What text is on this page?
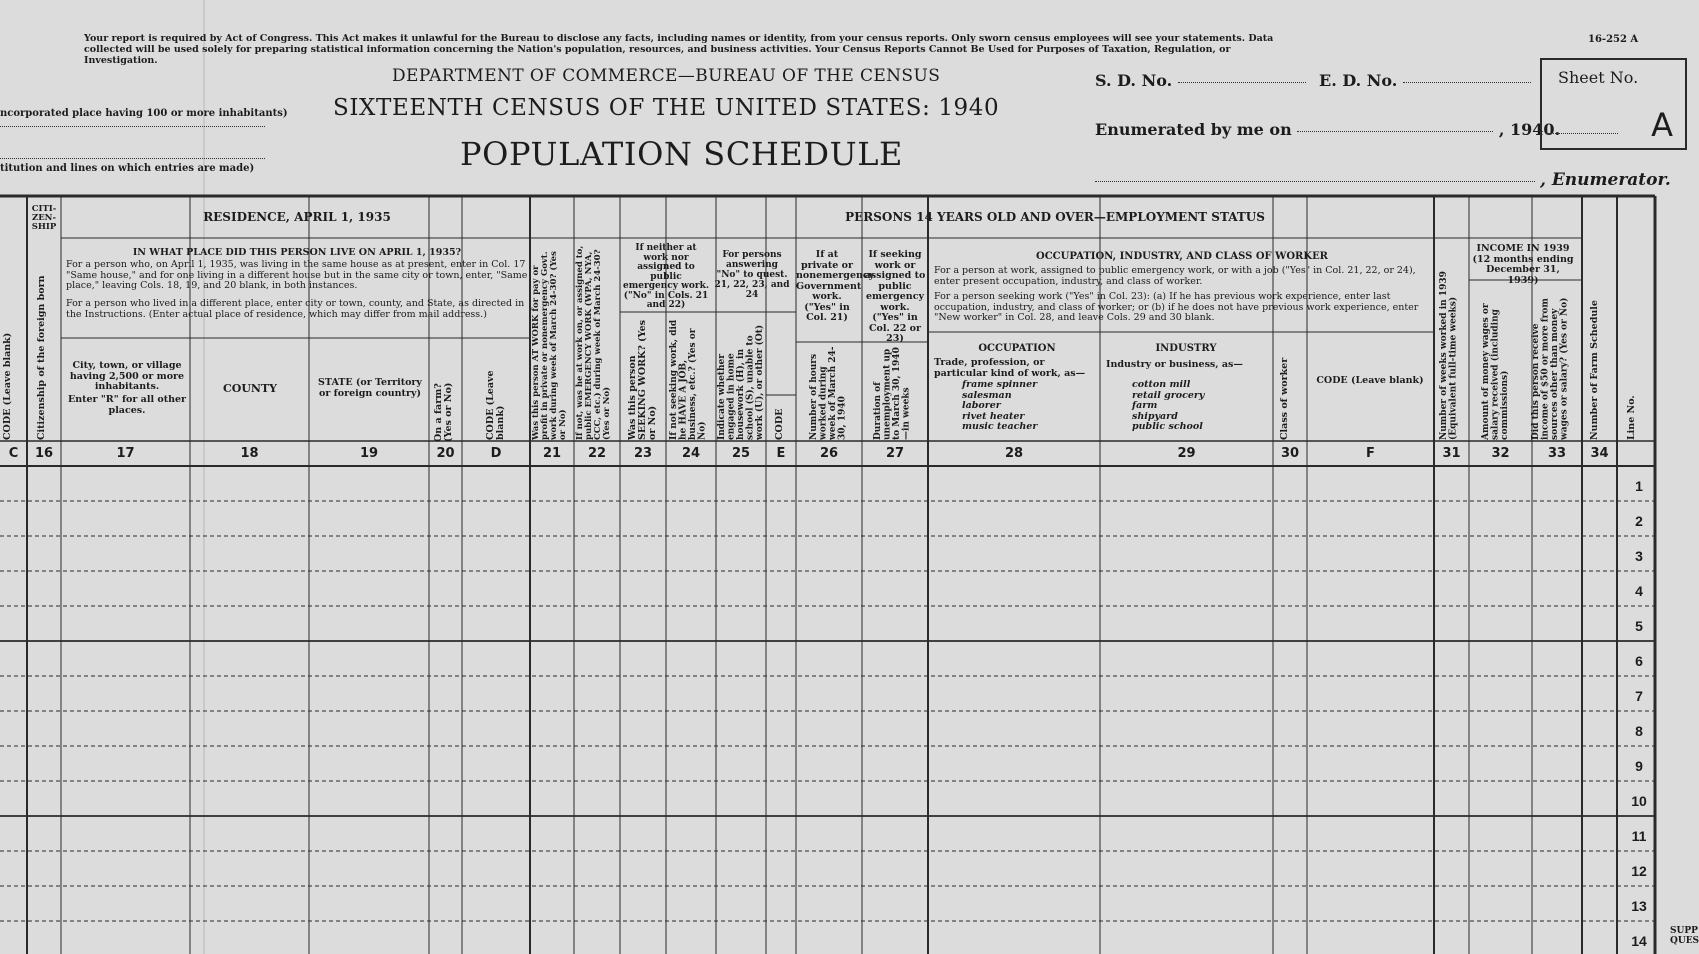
Your report is required by Act of Congress. This Act makes it unlawful for the Bureau to disclose any facts, including names or identity, from your census reports. Only sworn census employees will see your statements. Data
collected will be used solely for preparing statistical information concerning the Nation's population, resources, and business activities. Your Census Reports Cannot Be Used for Purposes of Taxation, Regulation, or Investigation.
16-252 A
ncorporated place having 100 or more inhabitants)
titution and lines on which entries are made)
DEPARTMENT OF COMMERCE—BUREAU OF THE CENSUS
SIXTEENTH CENSUS OF THE UNITED STATES: 1940
POPULATION SCHEDULE
S. D. No.	E. D. No.
Enumerated by me on	, 1940.
Sheet No.
A
, Enumerator.
CODE (Leave blank)
CITI-ZEN-SHIP
Citizenship of the foreign born
RESIDENCE, APRIL 1, 1935
IN WHAT PLACE DID THIS PERSON LIVE ON APRIL 1, 1935?
For a person who, on April 1, 1935, was living in the same house as at present, enter in Col. 17 "Same house," and for one living in a different house but in the same city or town, enter, "Same place," leaving Cols. 18, 19, and 20 blank, in both instances.
For a person who lived in a different place, enter city or town, county, and State, as directed in the Instructions. (Enter actual place of residence, which may differ from mail address.)
City, town, or village having 2,500 or more inhabitants.
Enter "R" for all other places.
COUNTY	STATE (or Territory or foreign country)	On a farm? (Yes or No)	CODE (Leave blank)
PERSONS 14 YEARS OLD AND OVER—EMPLOYMENT STATUS
Was this person AT WORK for pay or profit in private or nonemergency Govt. work during week of March 24-30? (Yes or No) If not, was he at work on, or assigned to, public EMERGENCY WORK (WPA, NYA, CCC, etc.) during week of March 24-30? (Yes or No)
If neither at work nor assigned to public emergency work. ("No" in Cols. 21 and 22)
Was this person SEEKING WORK? (Yes or No) If not seeking work, did he HAVE A JOB, business, etc.? (Yes or No)
For persons answering "No" to quest. 21, 22, 23, and 24
Indicate whether engaged in home housework (H), in school (S), unable to work (U), or other (Ot) CODE
If at private or nonemergency Government work. ("Yes" in Col. 21)
Number of hours worked during week of March 24-30, 1940
If seeking work or assigned to public emergency work. ("Yes" in Col. 22 or 23)
Duration of unemployment up to March 30, 1940—in weeks
OCCUPATION, INDUSTRY, AND CLASS OF WORKER
For a person at work, assigned to public emergency work, or with a job ("Yes" in Col. 21, 22, or 24), enter present occupation, industry, and class of worker.
For a person seeking work ("Yes" in Col. 23): (a) If he has previous work experience, enter last occupation, industry, and class of worker; or (b) if he does not have previous work experience, enter "New worker" in Col. 28, and leave Cols. 29 and 30 blank.
OCCUPATION
Trade, profession, or particular kind of work, as—
frame spinner
salesman
laborer
rivet heater
music teacher
INDUSTRY
Industry or business, as—
cotton mill
retail grocery
farm
shipyard
public school	Class of worker	CODE (Leave blank)	Number of weeks worked in 1939 (Equivalent full-time weeks)
INCOME IN 1939 (12 months ending December 31, 1939)
Amount of money wages or salary received (including commissions)	Did this person receive income of $50 or more from sources other than money wages or salary? (Yes or No)	Number of Farm Schedule	Line No.
C	16	17	18	19	20	D	21	22	23	24	25	E	26	27	28	29	30	F	31	32	33	34
1
2
3
4
5
6
7
8
9
10
11
12
13
14
SUPP
QUES
